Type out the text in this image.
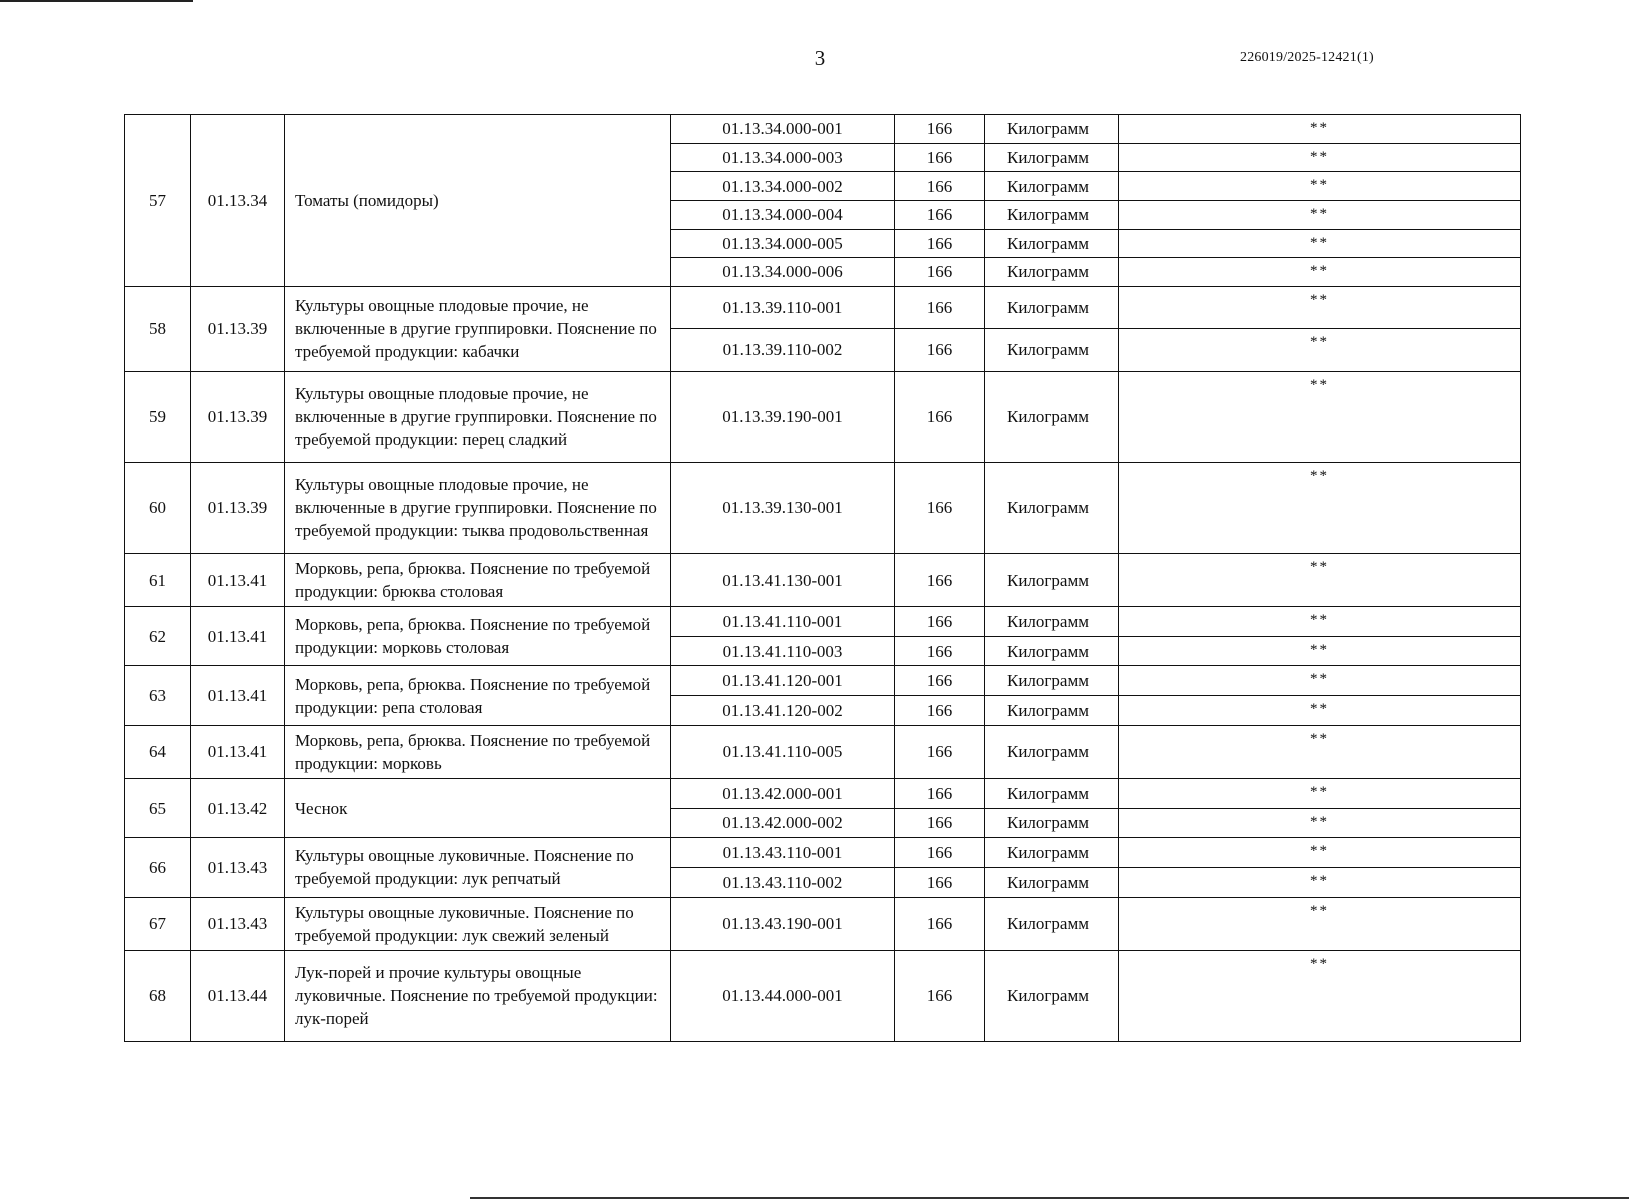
3	226019/2025-12421(1)
57	01.13.34	Томаты (помидоры)	01.13.34.000-001	166	Килограмм	**
			01.13.34.000-003	166	Килограмм	**
			01.13.34.000-002	166	Килограмм	**
			01.13.34.000-004	166	Килограмм	**
			01.13.34.000-005	166	Килограмм	**
			01.13.34.000-006	166	Килограмм	**
58	01.13.39	Культуры овощные плодовые прочие, не включенные в другие группировки. Пояснение по требуемой продукции: кабачки	01.13.39.110-001	166	Килограмм	**
			01.13.39.110-002	166	Килограмм	**
59	01.13.39	Культуры овощные плодовые прочие, не включенные в другие группировки. Пояснение по требуемой продукции: перец сладкий	01.13.39.190-001	166	Килограмм	**
60	01.13.39	Культуры овощные плодовые прочие, не включенные в другие группировки. Пояснение по требуемой продукции: тыква продовольственная	01.13.39.130-001	166	Килограмм	**
61	01.13.41	Морковь, репа, брюква. Пояснение по требуемой продукции: брюква столовая	01.13.41.130-001	166	Килограмм	**
62	01.13.41	Морковь, репа, брюква. Пояснение по требуемой продукции: морковь столовая	01.13.41.110-001	166	Килограмм	**
			01.13.41.110-003	166	Килограмм	**
63	01.13.41	Морковь, репа, брюква. Пояснение по требуемой продукции: репа столовая	01.13.41.120-001	166	Килограмм	**
			01.13.41.120-002	166	Килограмм	**
64	01.13.41	Морковь, репа, брюква. Пояснение по требуемой продукции: морковь	01.13.41.110-005	166	Килограмм	**
65	01.13.42	Чеснок	01.13.42.000-001	166	Килограмм	**
			01.13.42.000-002	166	Килограмм	**
66	01.13.43	Культуры овощные луковичные. Пояснение по требуемой продукции: лук репчатый	01.13.43.110-001	166	Килограмм	**
			01.13.43.110-002	166	Килограмм	**
67	01.13.43	Культуры овощные луковичные. Пояснение по требуемой продукции: лук свежий зеленый	01.13.43.190-001	166	Килограмм	**
68	01.13.44	Лук-порей и прочие культуры овощные луковичные. Пояснение по требуемой продукции: лук-порей	01.13.44.000-001	166	Килограмм	**
